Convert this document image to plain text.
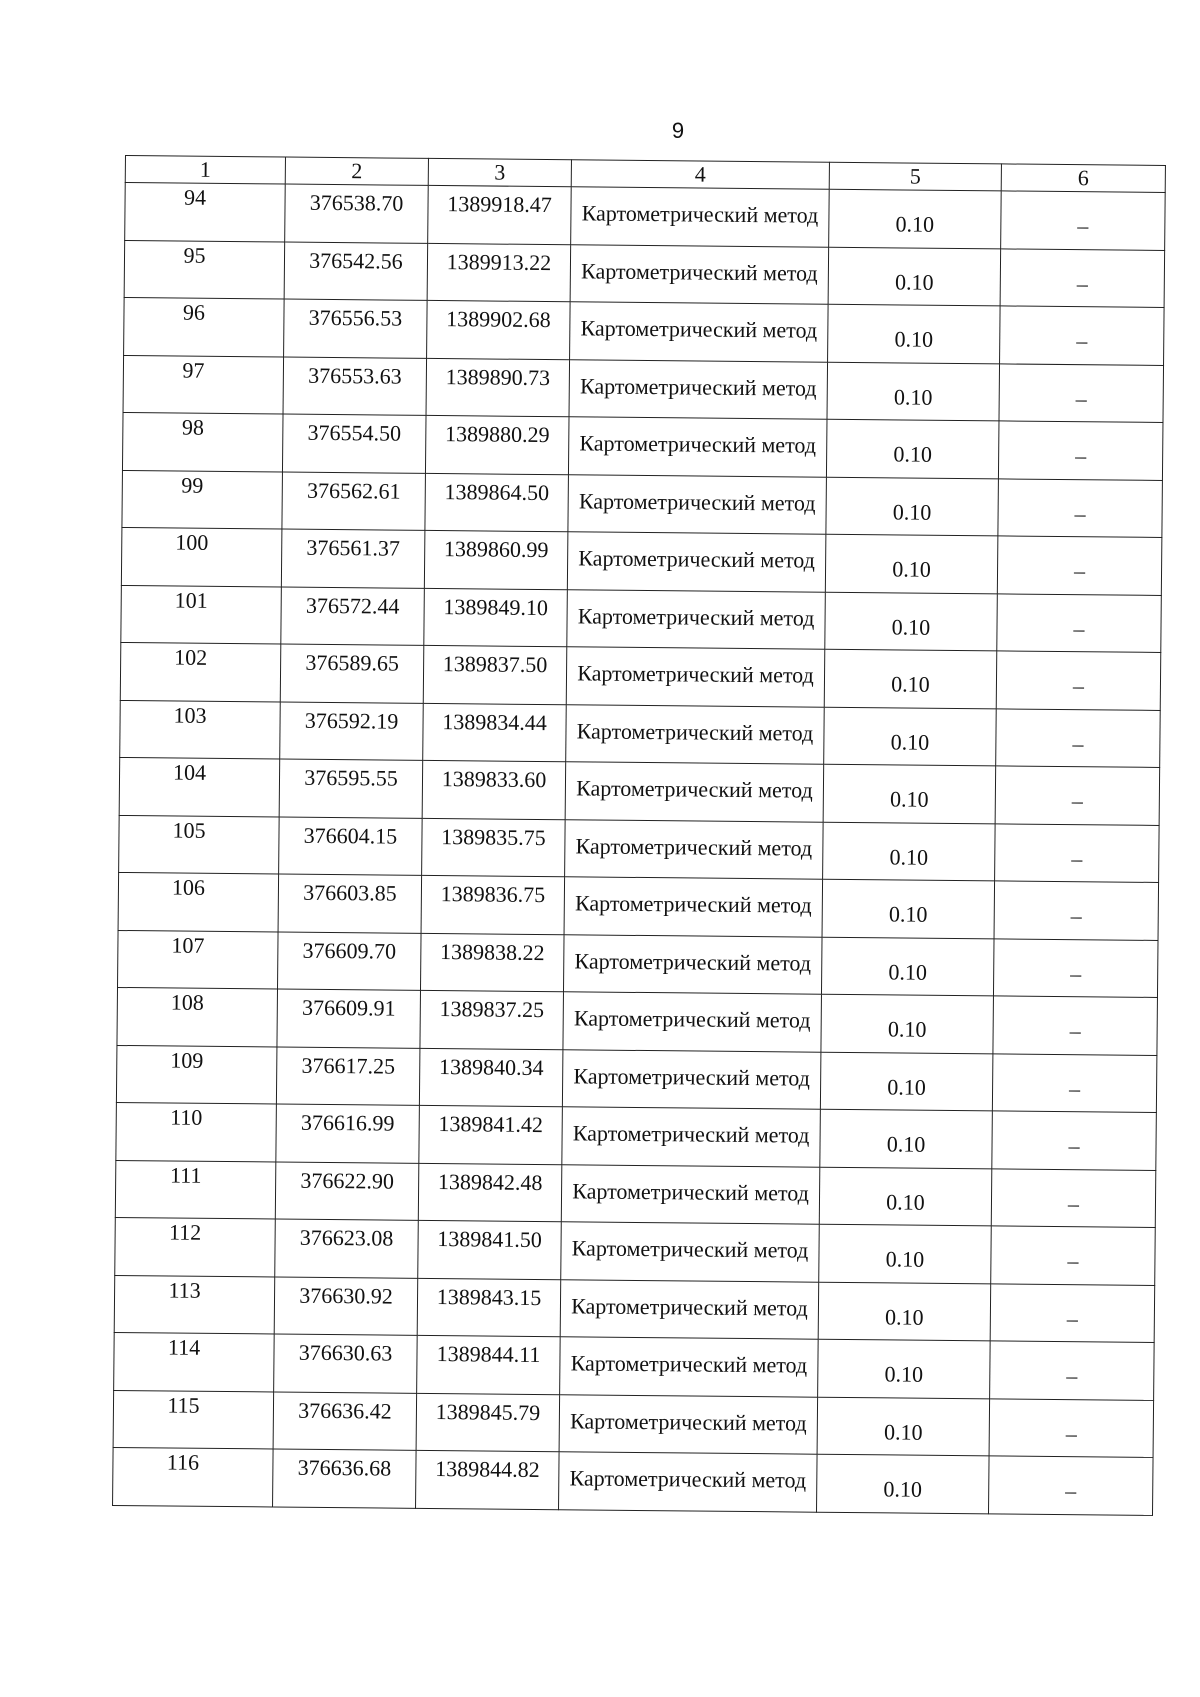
9
1	2	3	4	5	6
94	376538.70	1389918.47	Картометрический метод	0.10	–
95	376542.56	1389913.22	Картометрический метод	0.10	–
96	376556.53	1389902.68	Картометрический метод	0.10	–
97	376553.63	1389890.73	Картометрический метод	0.10	–
98	376554.50	1389880.29	Картометрический метод	0.10	–
99	376562.61	1389864.50	Картометрический метод	0.10	–
100	376561.37	1389860.99	Картометрический метод	0.10	–
101	376572.44	1389849.10	Картометрический метод	0.10	–
102	376589.65	1389837.50	Картометрический метод	0.10	–
103	376592.19	1389834.44	Картометрический метод	0.10	–
104	376595.55	1389833.60	Картометрический метод	0.10	–
105	376604.15	1389835.75	Картометрический метод	0.10	–
106	376603.85	1389836.75	Картометрический метод	0.10	–
107	376609.70	1389838.22	Картометрический метод	0.10	–
108	376609.91	1389837.25	Картометрический метод	0.10	–
109	376617.25	1389840.34	Картометрический метод	0.10	–
110	376616.99	1389841.42	Картометрический метод	0.10	–
111	376622.90	1389842.48	Картометрический метод	0.10	–
112	376623.08	1389841.50	Картометрический метод	0.10	–
113	376630.92	1389843.15	Картометрический метод	0.10	–
114	376630.63	1389844.11	Картометрический метод	0.10	–
115	376636.42	1389845.79	Картометрический метод	0.10	–
116	376636.68	1389844.82	Картометрический метод	0.10	–
